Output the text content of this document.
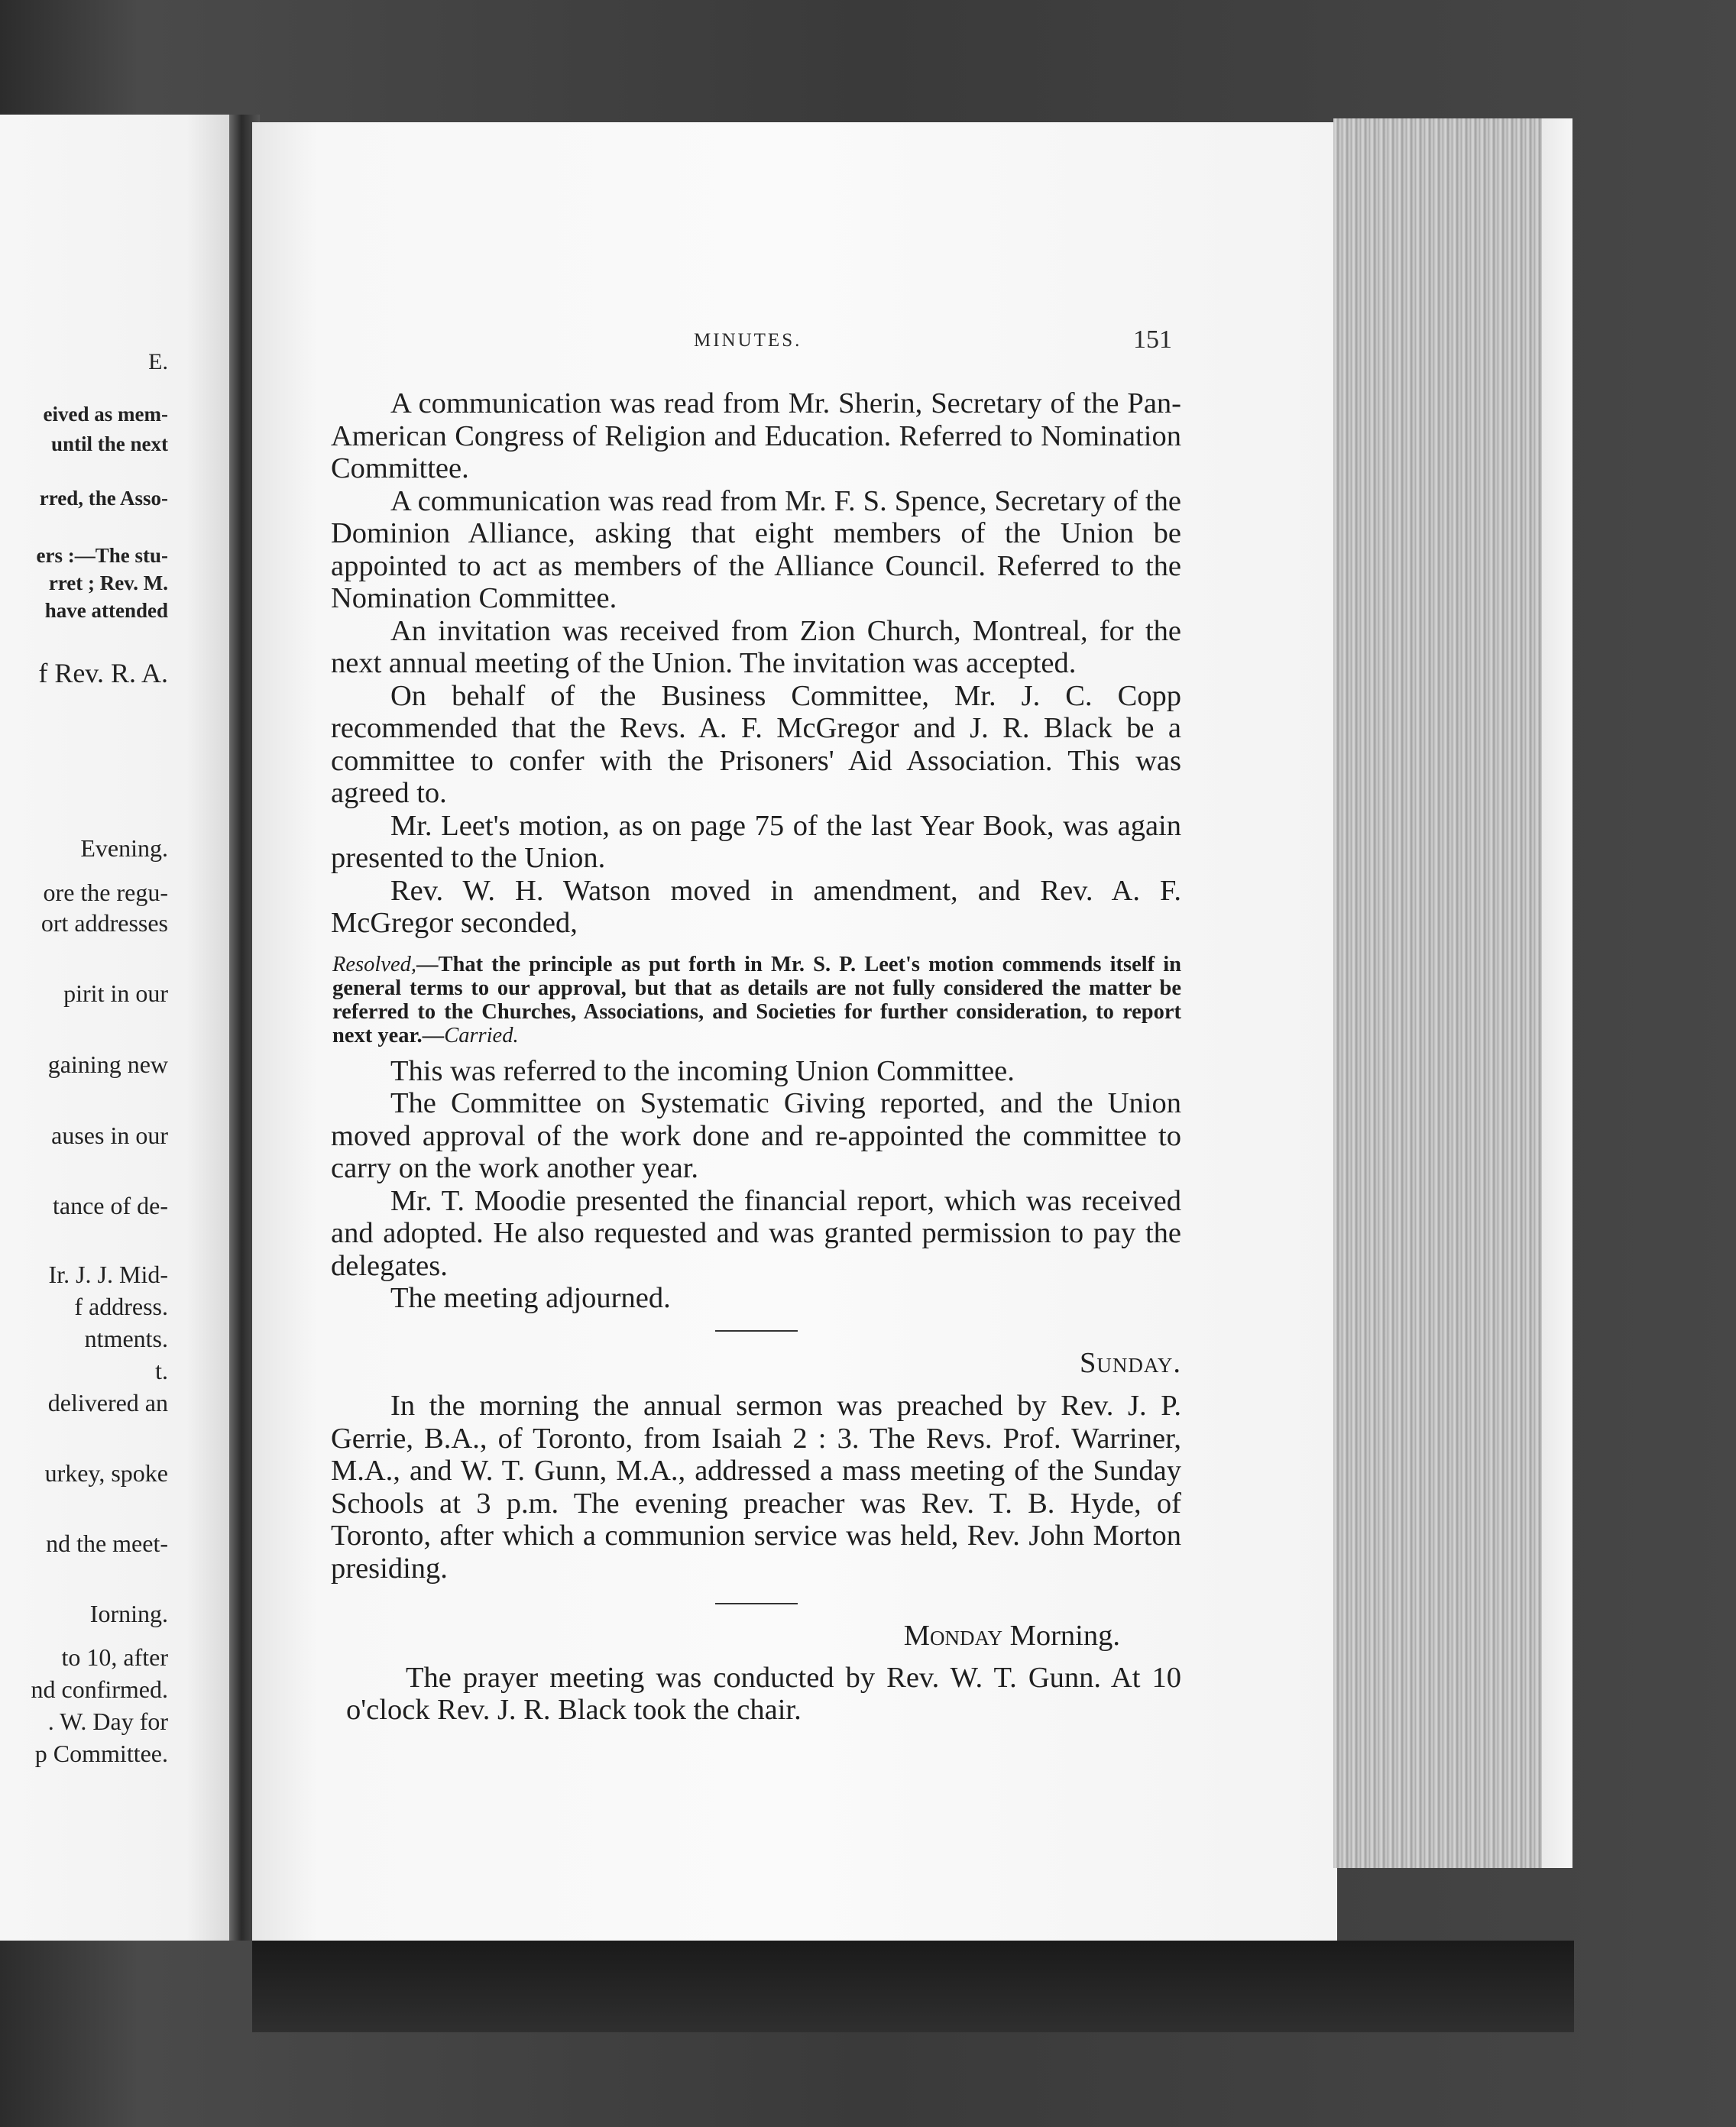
E.
eived as mem-
until the next
rred, the Asso-
ers :—The stu-
rret ; Rev. M.
have attended
f Rev. R. A.
Evening.
ore the regu-
ort addresses
pirit in our
gaining new
auses in our
tance of de-
Ir. J. J. Mid-
f address.
ntments.
t.
delivered an
urkey, spoke
nd the meet-
Iorning.
to 10, after
nd confirmed.
. W. Day for
p Committee.
MINUTES.	151

A communication was read from Mr. Sherin, Secretary of the Pan-American Congress of Religion and Education. Referred to Nomination Committee.

A communication was read from Mr. F. S. Spence, Secretary of the Dominion Alliance, asking that eight members of the Union be appointed to act as members of the Alliance Council. Referred to the Nomination Committee.

An invitation was received from Zion Church, Montreal, for the next annual meeting of the Union. The invitation was accepted.

On behalf of the Business Committee, Mr. J. C. Copp recommended that the Revs. A. F. McGregor and J. R. Black be a committee to confer with the Prisoners' Aid Association. This was agreed to.

Mr. Leet's motion, as on page 75 of the last Year Book, was again presented to the Union.

Rev. W. H. Watson moved in amendment, and Rev. A. F. McGregor seconded,

Resolved,—That the principle as put forth in Mr. S. P. Leet's motion commends itself in general terms to our approval, but that as details are not fully considered the matter be referred to the Churches, Associations, and Societies for further consideration, to report next year.—Carried.

This was referred to the incoming Union Committee.

The Committee on Systematic Giving reported, and the Union moved approval of the work done and re-appointed the committee to carry on the work another year.

Mr. T. Moodie presented the financial report, which was received and adopted. He also requested and was granted permission to pay the delegates.

The meeting adjourned.

Sunday.

In the morning the annual sermon was preached by Rev. J. P. Gerrie, B.A., of Toronto, from Isaiah 2 : 3. The Revs. Prof. Warriner, M.A., and W. T. Gunn, M.A., addressed a mass meeting of the Sunday Schools at 3 p.m. The evening preacher was Rev. T. B. Hyde, of Toronto, after which a communion service was held, Rev. John Morton presiding.

Monday Morning.

The prayer meeting was conducted by Rev. W. T. Gunn. At 10 o'clock Rev. J. R. Black took the chair.
